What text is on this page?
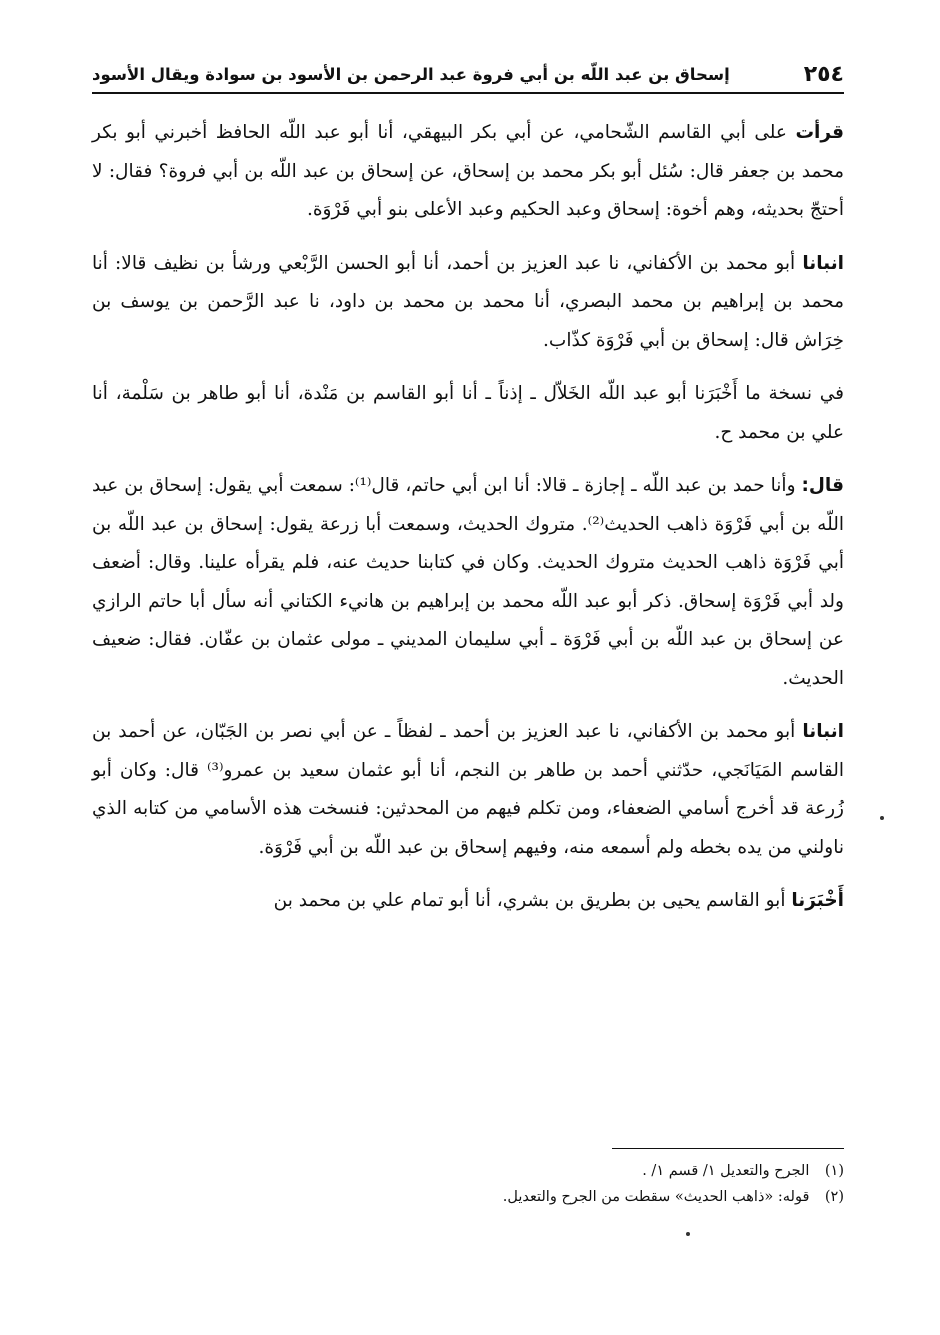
٢٥٤
إسحاق بن عبد اللّه بن أبي فروة عبد الرحمن بن الأسود بن سوادة ويقال الأسود

قرأت على أبي القاسم الشّحامي، عن أبي بكر البيهقي، أنا أبو عبد اللّه الحافظ أخبرني أبو بكر محمد بن جعفر قال: سُئل أبو بكر محمد بن إسحاق، عن إسحاق بن عبد اللّه بن أبي فروة؟ فقال: لا أحتجّ بحديثه، وهم أخوة: إسحاق وعبد الحكيم وعبد الأعلى بنو أبي فَرْوَة.

انبانا أبو محمد بن الأكفاني، نا عبد العزيز بن أحمد، أنا أبو الحسن الرَّبْعي ورشأ بن نظيف قالا: أنا محمد بن إبراهيم بن محمد البصري، أنا محمد بن محمد بن داود، نا عبد الرَّحمن بن يوسف بن خِرَاش قال: إسحاق بن أبي فَرْوَة كذّاب.

في نسخة ما أَخْبَرَنا أبو عبد اللّه الخَلاّل ـ إذناً ـ أنا أبو القاسم بن مَنْدة، أنا أبو طاهر بن سَلْمة، أنا علي بن محمد ح.

قال: وأنا حمد بن عبد اللّه ـ إجازة ـ قالا: أنا ابن أبي حاتم، قال⁽¹⁾: سمعت أبي يقول: إسحاق بن عبد اللّه بن أبي فَرْوَة ذاهب الحديث⁽²⁾. متروك الحديث، وسمعت أبا زرعة يقول: إسحاق بن عبد اللّه بن أبي فَرْوَة ذاهب الحديث متروك الحديث. وكان في كتابنا حديث عنه، فلم يقرأه علينا. وقال: أضعف ولد أبي فَرْوَة إسحاق. ذكر أبو عبد اللّه محمد بن إبراهيم بن هانيء الكتاني أنه سأل أبا حاتم الرازي عن إسحاق بن عبد اللّه بن أبي فَرْوَة ـ أبي سليمان المديني ـ مولى عثمان بن عفّان. فقال: ضعيف الحديث.

انبانا أبو محمد بن الأكفاني، نا عبد العزيز بن أحمد ـ لفظاً ـ عن أبي نصر بن الجَبّان، عن أحمد بن القاسم المَيَانَجي، حدّثني أحمد بن طاهر بن النجم، أنا أبو عثمان سعيد بن عمرو⁽³⁾ قال: وكان أبو زُرعة قد أخرج أسامي الضعفاء، ومن تكلم فيهم من المحدثين: فنسخت هذه الأسامي من كتابه الذي ناولني من يده بخطه ولم أسمعه منه، وفيهم إسحاق بن عبد اللّه بن أبي فَرْوَة.

أَخْبَرَنا أبو القاسم يحيى بن بطريق بن بشري، أنا أبو تمام علي بن محمد بن

(١) الجرح والتعديل ١/ قسم ١/ .
(٢) قوله: «ذاهب الحديث» سقطت من الجرح والتعديل.
